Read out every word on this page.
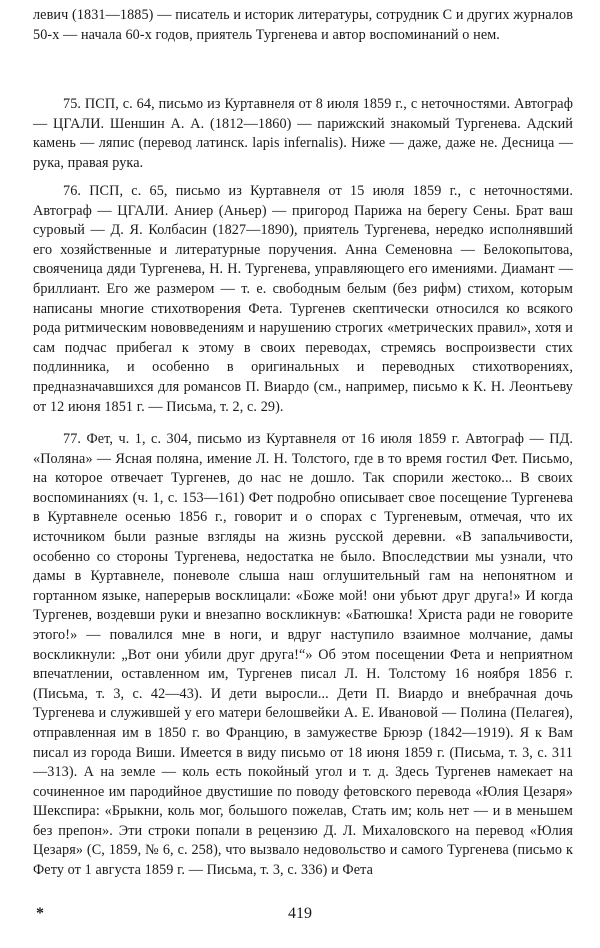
левич (1831—1885) — писатель и историк литературы, сотрудник С и других журналов 50-х — начала 60-х годов, приятель Тургенева и автор воспоминаний о нем.

75. ПСП, с. 64, письмо из Куртавнеля от 8 июля 1859 г., с неточностями. Автограф — ЦГАЛИ. Шеншин А. А. (1812—1860) — парижский знакомый Тургенева. Адский камень — ляпис (перевод латинск. lapis infernalis). Ниже — даже, даже не. Десница — рука, правая рука.

76. ПСП, с. 65, письмо из Куртавнеля от 15 июля 1859 г., с неточностями. Автограф — ЦГАЛИ. Аниер (Аньер) — пригород Парижа на берегу Сены. Брат ваш суровый — Д. Я. Колбасин (1827—1890), приятель Тургенева, нередко исполнявший его хозяйственные и литературные поручения. Анна Семеновна — Белокопытова, свояченица дяди Тургенева, Н. Н. Тургенева, управляющего его имениями. Диамант — бриллиант. Его же размером — т. е. свободным белым (без рифм) стихом, которым написаны многие стихотворения Фета. Тургенев скептически относился ко всякого рода ритмическим нововведениям и нарушению строгих «метрических правил», хотя и сам подчас прибегал к этому в своих переводах, стремясь воспроизвести стих подлинника, и особенно в оригинальных и переводных стихотворениях, предназначавшихся для романсов П. Виардо (см., например, письмо к К. Н. Леонтьеву от 12 июня 1851 г. — Письма, т. 2, с. 29).

77. Фет, ч. 1, с. 304, письмо из Куртавнеля от 16 июля 1859 г. Автограф — ПД. «Поляна» — Ясная поляна, имение Л. Н. Толстого, где в то время гостил Фет. Письмо, на которое отвечает Тургенев, до нас не дошло. Так спорили жестоко... В своих воспоминаниях (ч. 1, с. 153—161) Фет подробно описывает свое посещение Тургенева в Куртавнеле осенью 1856 г., говорит и о спорах с Тургеневым, отмечая, что их источником были разные взгляды на жизнь русской деревни. «В запальчивости, особенно со стороны Тургенева, недостатка не было. Впоследствии мы узнали, что дамы в Куртавнеле, поневоле слыша наш оглушительный гам на непонятном и гортанном языке, наперерыв восклицали: «Боже мой! они убьют друг друга!» И когда Тургенев, воздевши руки и внезапно воскликнув: «Батюшка! Христа ради не говорите этого!» — повалился мне в ноги, и вдруг наступило взаимное молчание, дамы воскликнули: „Вот они убили друг друга!“» Об этом посещении Фета и неприятном впечатлении, оставленном им, Тургенев писал Л. Н. Толстому 16 ноября 1856 г. (Письма, т. 3, с. 42—43). И дети выросли... Дети П. Виардо и внебрачная дочь Тургенева и служившей у его матери белошвейки А. Е. Ивановой — Полина (Пелагея), отправленная им в 1850 г. во Францию, в замужестве Брюэр (1842—1919). Я к Вам писал из города Виши. Имеется в виду письмо от 18 июня 1859 г. (Письма, т. 3, с. 311—313). А на земле — коль есть покойный угол и т. д. Здесь Тургенев намекает на сочиненное им пародийное двустишие по поводу фетовского перевода «Юлия Цезаря» Шекспира: «Брыкни, коль мог, большого пожелав, Стать им; коль нет — и в меньшем без препон». Эти строки попали в рецензию Д. Л. Михаловского на перевод «Юлия Цезаря» (С, 1859, № 6, с. 258), что вызвало недовольство и самого Тургенева (письмо к Фету от 1 августа 1859 г. — Письма, т. 3, с. 336) и Фета

*	419
